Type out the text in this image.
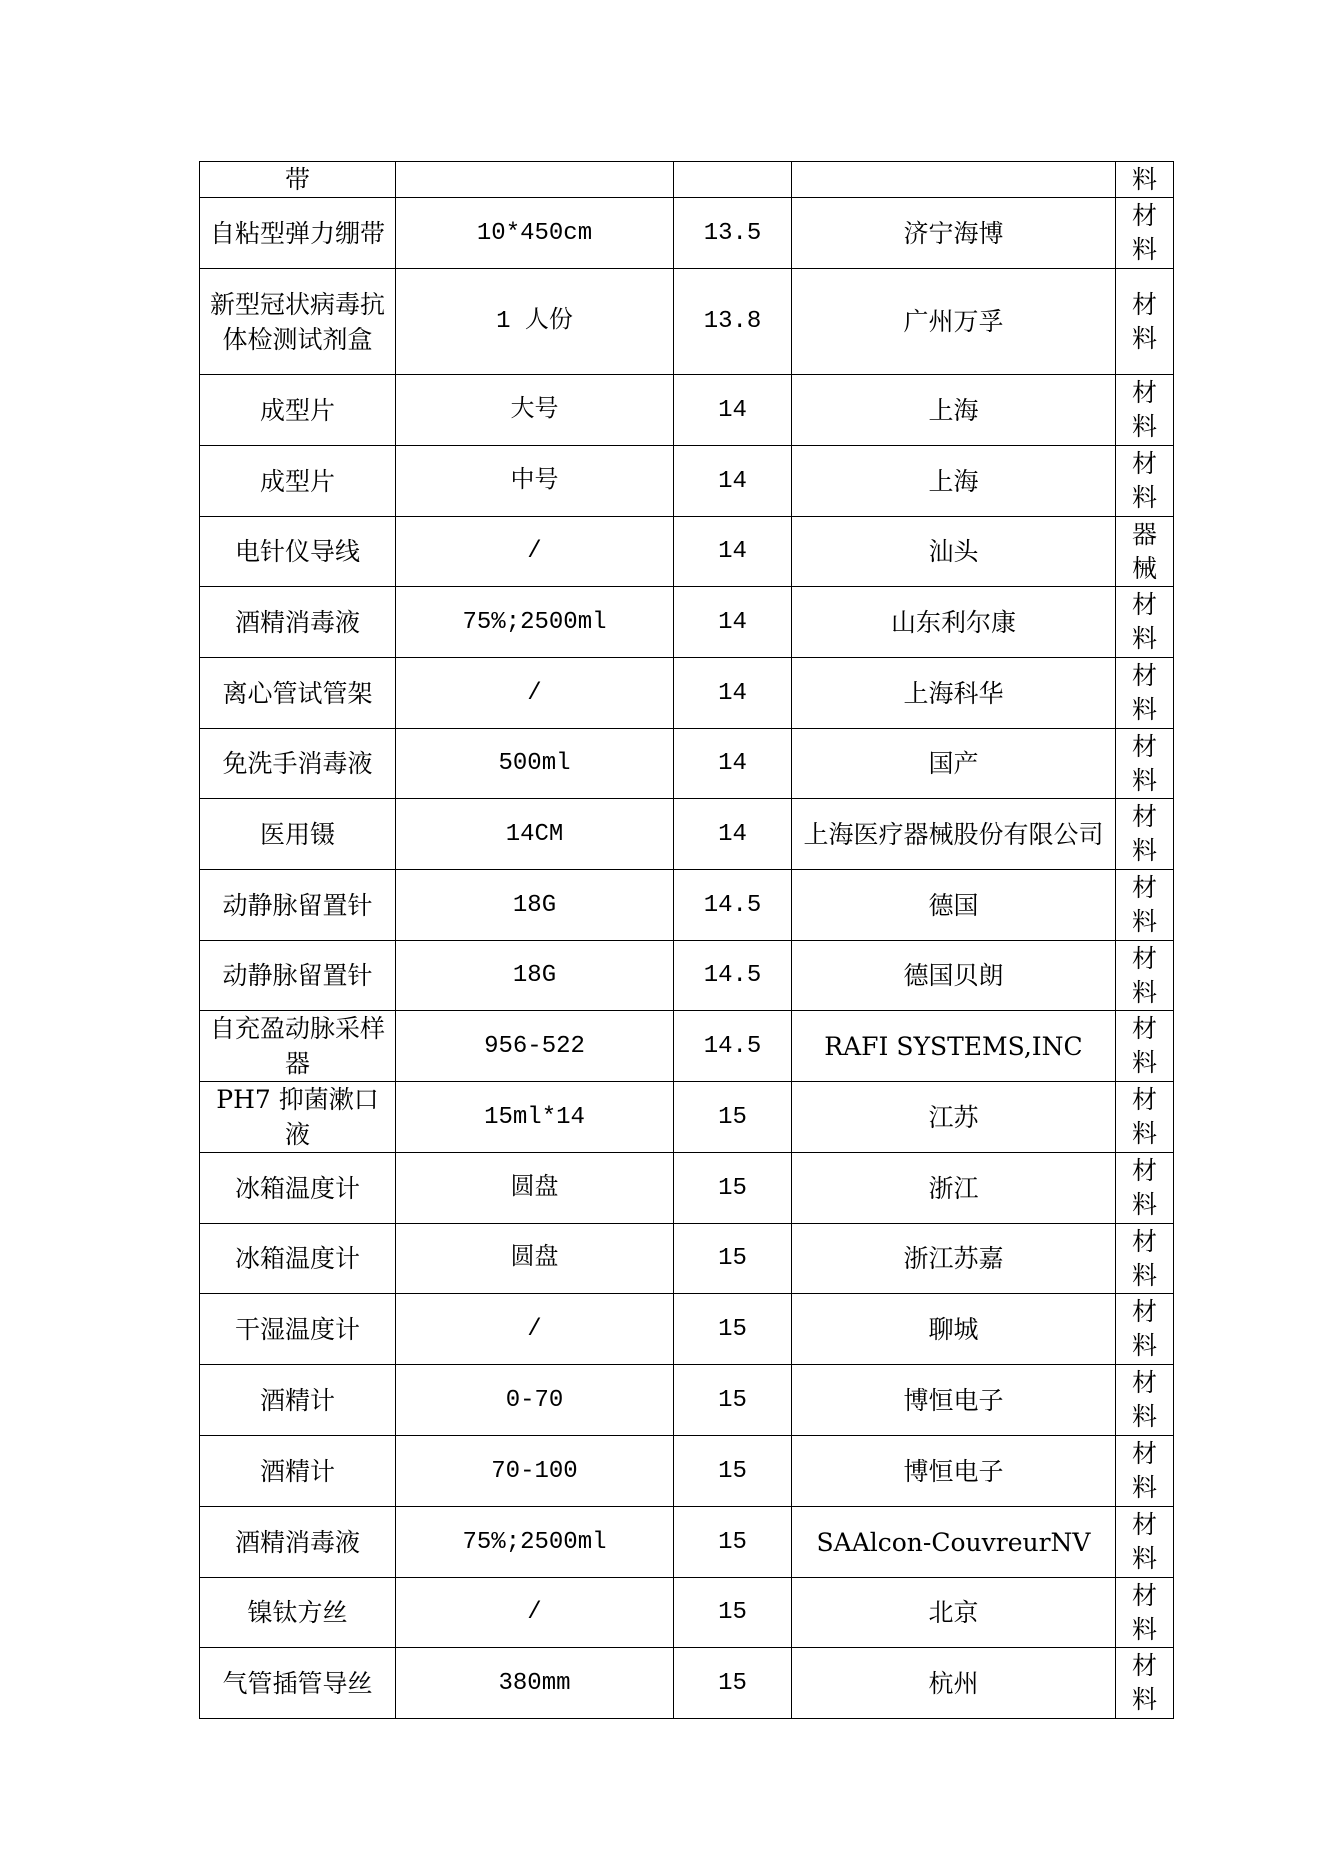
带				料

自粘型弹力绷带	10*450cm	13.5	济宁海博	材
料

新型冠状病毒抗体检测试剂盒	1 人份	13.8	广州万孚	材
料

成型片	大号	14	上海	材
料

成型片	中号	14	上海	材
料

电针仪导线	/	14	汕头	器
械

酒精消毒液	75%;2500ml	14	山东利尔康	材
料

离心管试管架	/	14	上海科华	材
料

免洗手消毒液	500ml	14	国产	材
料

医用镊	14CM	14	上海医疗器械股份有限公司	材
料

动静脉留置针	18G	14.5	德国	材
料

动静脉留置针	18G	14.5	德国贝朗	材
料

自充盈动脉采样器	956-522	14.5	RAFI SYSTEMS,INC	材
料

PH7 抑菌漱口液	15ml*14	15	江苏	材
料

冰箱温度计	圆盘	15	浙江	材
料

冰箱温度计	圆盘	15	浙江苏嘉	材
料

干湿温度计	/	15	聊城	材
料

酒精计	0-70	15	博恒电子	材
料

酒精计	70-100	15	博恒电子	材
料

酒精消毒液	75%;2500ml	15	SAAlcon-CouvreurNV	材
料

镍钛方丝	/	15	北京	材
料

气管插管导丝	380mm	15	杭州	材
料
